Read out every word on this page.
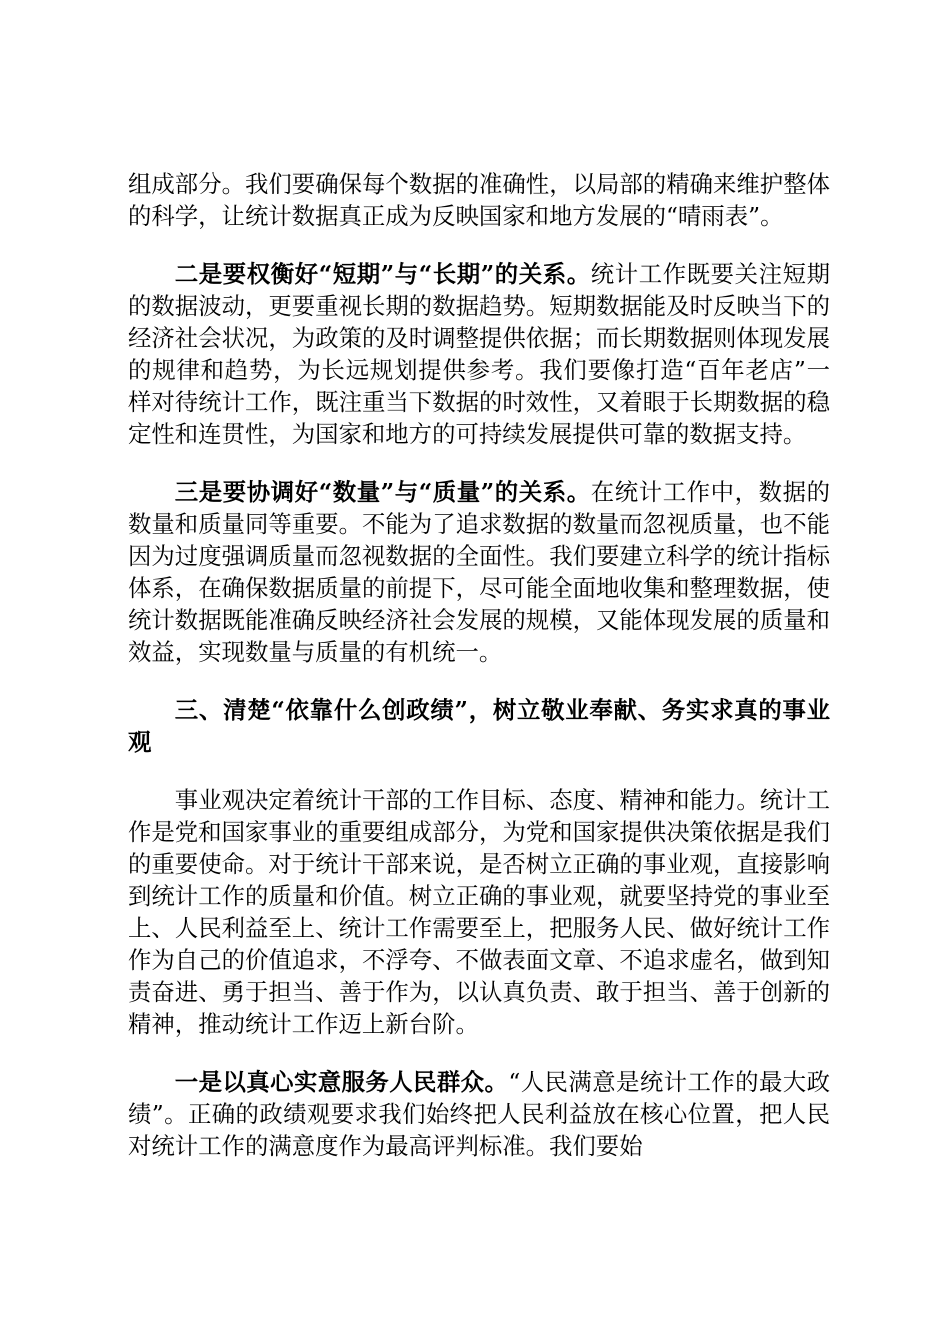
组成部分。我们要确保每个数据的准确性，以局部的精确来维护整体的科学，让统计数据真正成为反映国家和地方发展的“晴雨表”。

二是要权衡好“短期”与“长期”的关系。统计工作既要关注短期的数据波动，更要重视长期的数据趋势。短期数据能及时反映当下的经济社会状况，为政策的及时调整提供依据；而长期数据则体现发展的规律和趋势，为长远规划提供参考。我们要像打造“百年老店”一样对待统计工作，既注重当下数据的时效性，又着眼于长期数据的稳定性和连贯性，为国家和地方的可持续发展提供可靠的数据支持。

三是要协调好“数量”与“质量”的关系。在统计工作中，数据的数量和质量同等重要。不能为了追求数据的数量而忽视质量，也不能因为过度强调质量而忽视数据的全面性。我们要建立科学的统计指标体系，在确保数据质量的前提下，尽可能全面地收集和整理数据，使统计数据既能准确反映经济社会发展的规模，又能体现发展的质量和效益，实现数量与质量的有机统一。

三、清楚“依靠什么创政绩”，树立敬业奉献、务实求真的事业观

事业观决定着统计干部的工作目标、态度、精神和能力。统计工作是党和国家事业的重要组成部分，为党和国家提供决策依据是我们的重要使命。对于统计干部来说，是否树立正确的事业观，直接影响到统计工作的质量和价值。树立正确的事业观，就要坚持党的事业至上、人民利益至上、统计工作需要至上，把服务人民、做好统计工作作为自己的价值追求，不浮夸、不做表面文章、不追求虚名，做到知责奋进、勇于担当、善于作为，以认真负责、敢于担当、善于创新的精神，推动统计工作迈上新台阶。

一是以真心实意服务人民群众。“人民满意是统计工作的最大政绩”。正确的政绩观要求我们始终把人民利益放在核心位置，把人民对统计工作的满意度作为最高评判标准。我们要始
